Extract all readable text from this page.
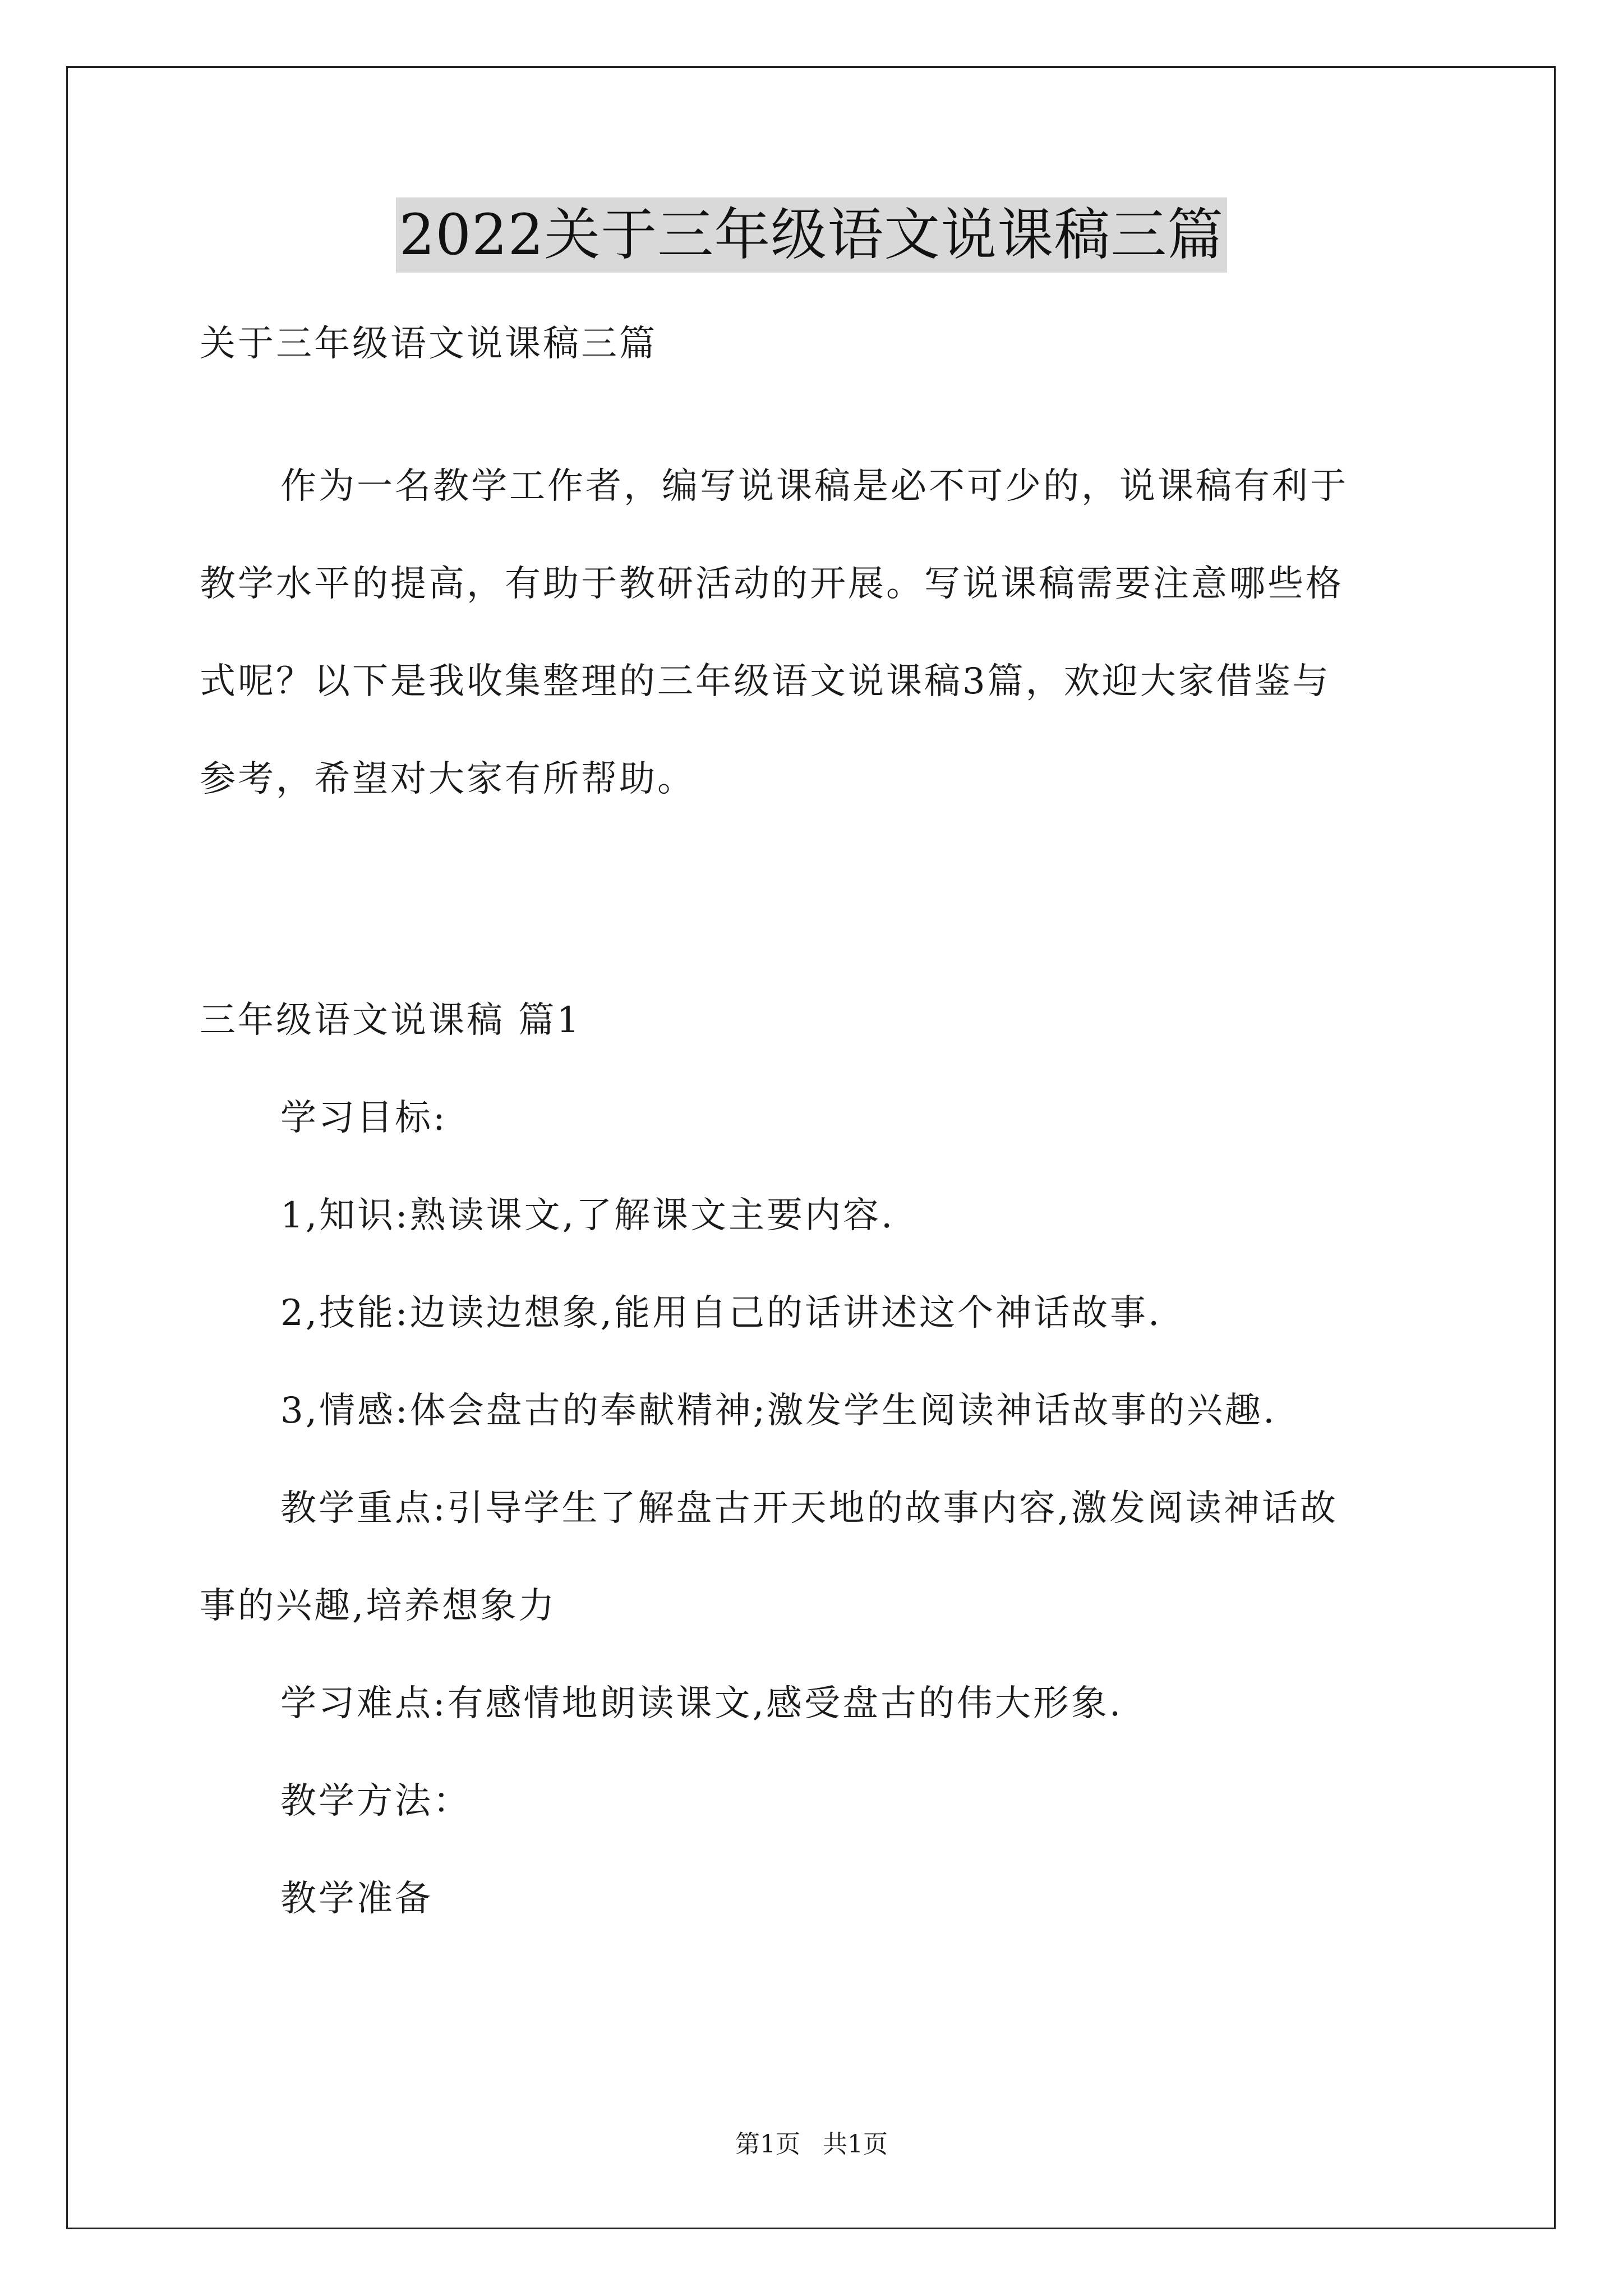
2022关于三年级语文说课稿三篇
关于三年级语文说课稿三篇
作为一名教学工作者，编写说课稿是必不可少的，说课稿有利于
教学水平的提高，有助于教研活动的开展。写说课稿需要注意哪些格
式呢？以下是我收集整理的三年级语文说课稿3篇，欢迎大家借鉴与
参考，希望对大家有所帮助。
三年级语文说课稿 篇1
学习目标:
1,知识:熟读课文,了解课文主要内容.
2,技能:边读边想象,能用自己的话讲述这个神话故事.
3,情感:体会盘古的奉献精神;激发学生阅读神话故事的兴趣.
教学重点:引导学生了解盘古开天地的故事内容,激发阅读神话故
事的兴趣,培养想象力
学习难点:有感情地朗读课文,感受盘古的伟大形象.
教学方法：
教学准备
第1页 共1页
